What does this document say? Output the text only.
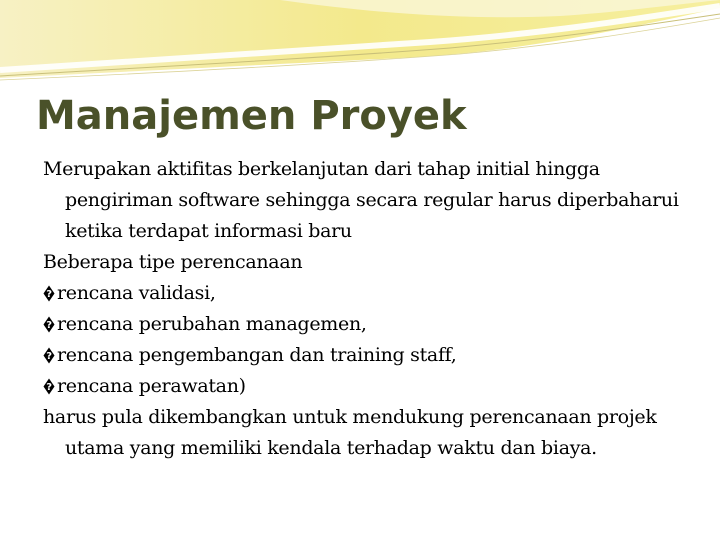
Manajemen Proyek

Merupakan aktifitas berkelanjutan dari tahap initial hingga pengiriman software sehingga secara regular harus diperbaharui ketika terdapat informasi baru

Beberapa tipe perencanaan

? rencana validasi,
? rencana perubahan managemen,
? rencana pengembangan dan training staff,
? rencana perawatan)

harus pula dikembangkan untuk mendukung perencanaan projek utama yang memiliki kendala terhadap waktu dan biaya.
